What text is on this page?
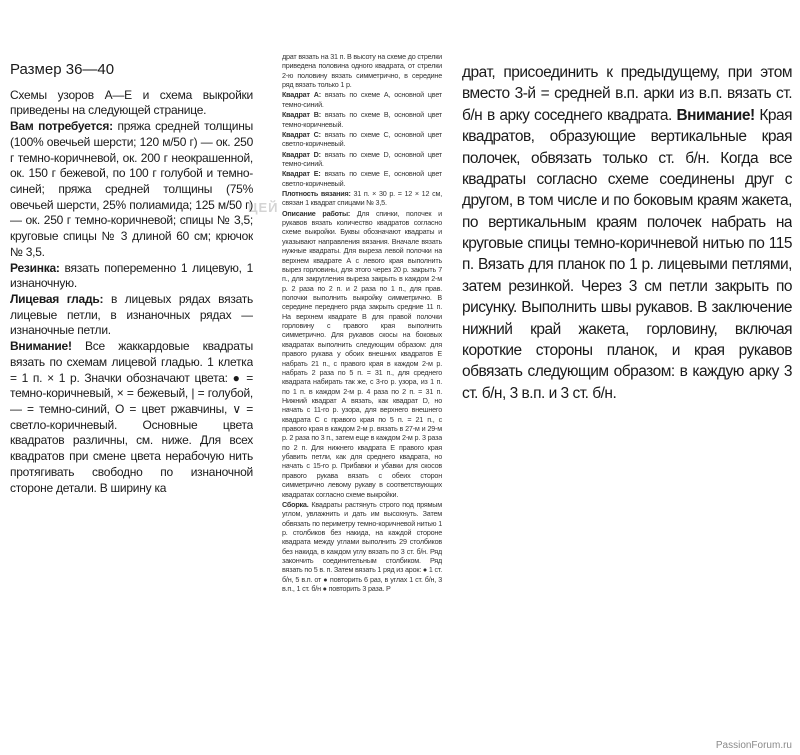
ЦЕЙ
Размер 36—40

Схемы узоров А—Е и схема выкройки приведены на следующей странице.

Вам потребуется: пряжа средней толщины (100% овечьей шерсти; 120 м/50 г) — ок. 250 г темно-коричневой, ок. 200 г неокрашенной, ок. 150 г бежевой, по 100 г голубой и темно-синей; пряжа средней толщины (75% овечьей шерсти, 25% полиамида; 125 м/50 г) — ок. 250 г темно-коричневой; спицы № 3,5; круговые спицы № 3 длиной 60 см; крючок № 3,5.

Резинка: вязать попеременно 1 лицевую, 1 изнаночную.

Лицевая гладь: в лицевых рядах вязать лицевые петли, в изнаночных рядах — изнаночные петли.

Внимание! Все жаккардовые квадраты вязать по схемам лицевой гладью. 1 клетка = 1 п. × 1 р. Значки обозначают цвета: ● = темно-коричневый, × = бежевый, | = голубой, — = темно-синий, О = цвет ржавчины, ∨ = светло-коричневый. Основные цвета квадратов различны, см. ниже. Для всех квадратов при смене цвета нерабочую нить протягивать свободно по изнаночной стороне детали. В ширину ка

драт вязать на 31 п. В высоту на схеме до стрелки приведена половина одного квадрата, от стрелки 2-ю половину вязать симметрично, в середине ряд вязать только 1 р.

Квадрат А: вязать по схеме А, основной цвет темно-синий.

Квадрат В: вязать по схеме В, основной цвет темно-коричневый.

Квадрат С: вязать по схеме С, основной цвет светло-коричневый.

Квадрат D: вязать по схеме D, основной цвет темно-синий.

Квадрат Е: вязать по схеме Е, основной цвет светло-коричневый.

Плотность вязания: 31 п. × 30 р. = 12 × 12 см, связан 1 квадрат спицами № 3,5.

Описание работы: Для спинки, полочек и рукавов вязать количество квадратов согласно схеме выкройки. Буквы обозначают квадраты и указывают направления вязания. Вначале вязать нужные квадраты. Для выреза левой полочки на верхнем квадрате А с левого края выполнить вырез горловины, для этого через 20 р. закрыть 7 п., для закругления выреза закрыть в каждом 2-м р. 2 раза по 2 п. и 2 раза по 1 п., для прав. полочки выполнить выкройку симметрично. В середине переднего ряда закрыть средние 11 п. На верхнем квадрате В для правой полочки горловину с правого края выполнить симметрично. Для рукавов скосы на боковых квадратах выполнить следующим образом: для правого рукава у обоих внешних квадратов Е набрать 21 п., с правого края в каждом 2-м р. набрать 2 раза по 5 п. = 31 п., для среднего квадрата набирать так же, с 3-го р. узора, из 1 п. по 1 п. в каждом 2-м р. 4 раза по 2 п. = 31 п. Нижний квадрат А вязать, как квадрат D, но начать с 11-го р. узора, для верхнего внешнего квадрата С с правого края по 5 п. = 21 п., с правого края в каждом 2-м р. вязать в 27-м и 29-м р. 2 раза по 3 п., затем еще в каждом 2-м р. 3 раза по 2 п. Для нижнего квадрата Е правого края убавить петли, как для среднего квадрата, но начать с 15-го р. Прибавки и убавки для скосов правого рукава вязать с обеих сторон симметрично левому рукаву в соответствующих квадратах согласно схеме выкройки.

Сборка. Квадраты растянуть строго под прямым углом, увлажнить и дать им высохнуть. Затем обвязать по периметру темно-коричневой нитью 1 р. столбиков без накида, на каждой стороне квадрата между углами выполнить 29 столбиков без накида, в каждом углу вязать по 3 ст. б/н. Ряд закончить соединительным столбиком. Ряд вязать по 5 в. п. Затем вязать 1 ряд из арок: ● 1 ст. б/н, 5 в.п. от ● повторить 6 раз, в углах 1 ст. б/н, 3 в.п., 1 ст. б/н ● повторить 3 раза. Р

драт, присоединить к предыдущему, при этом вместо 3-й = средней в.п. арки из в.п. вязать ст. б/н в арку соседнего квадрата. Внимание! Края квадратов, образующие вертикальные края полочек, обвязать только ст. б/н. Когда все квадраты согласно схеме соединены друг с другом, в том числе и по боковым краям жакета, по вертикальным краям полочек набрать на круговые спицы темно-коричневой нитью по 115 п. Вязать для планок по 1 р. лицевыми петлями, затем резинкой. Через 3 см петли закрыть по рисунку. Выполнить швы рукавов. В заключение нижний край жакета, горловину, включая короткие стороны планок, и края рукавов обвязать следующим образом: в каждую арку 3 ст. б/н, 3 в.п. и 3 ст. б/н.

PassionForum.ru
